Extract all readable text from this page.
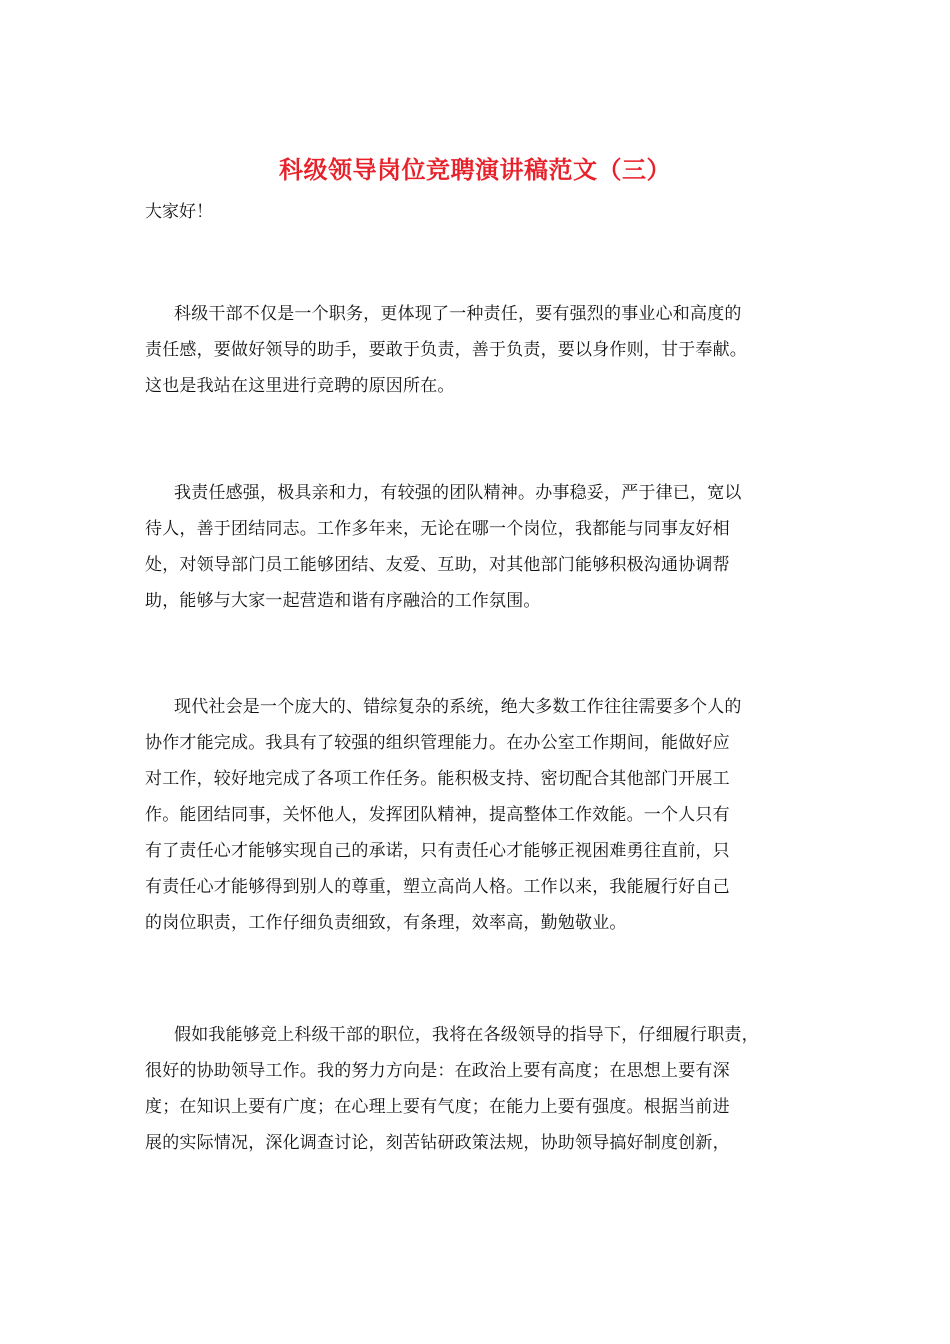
科级领导岗位竞聘演讲稿范文（三）
大家好！
科级干部不仅是一个职务，更体现了一种责任，要有强烈的事业心和高度的
责任感，要做好领导的助手，要敢于负责，善于负责，要以身作则，甘于奉献。
这也是我站在这里进行竞聘的原因所在。
我责任感强，极具亲和力，有较强的团队精神。办事稳妥，严于律已，宽以
待人，善于团结同志。工作多年来，无论在哪一个岗位，我都能与同事友好相
处，对领导部门员工能够团结、友爱、互助，对其他部门能够积极沟通协调帮
助，能够与大家一起营造和谐有序融洽的工作氛围。
现代社会是一个庞大的、错综复杂的系统，绝大多数工作往往需要多个人的
协作才能完成。我具有了较强的组织管理能力。在办公室工作期间，能做好应
对工作，较好地完成了各项工作任务。能积极支持、密切配合其他部门开展工
作。能团结同事，关怀他人，发挥团队精神，提高整体工作效能。一个人只有
有了责任心才能够实现自己的承诺，只有责任心才能够正视困难勇往直前，只
有责任心才能够得到别人的尊重，塑立高尚人格。工作以来，我能履行好自己
的岗位职责，工作仔细负责细致，有条理，效率高，勤勉敬业。
假如我能够竞上科级干部的职位，我将在各级领导的指导下，仔细履行职责，
很好的协助领导工作。我的努力方向是：在政治上要有高度；在思想上要有深
度；在知识上要有广度；在心理上要有气度；在能力上要有强度。根据当前进
展的实际情况，深化调查讨论，刻苦钻研政策法规，协助领导搞好制度创新，
